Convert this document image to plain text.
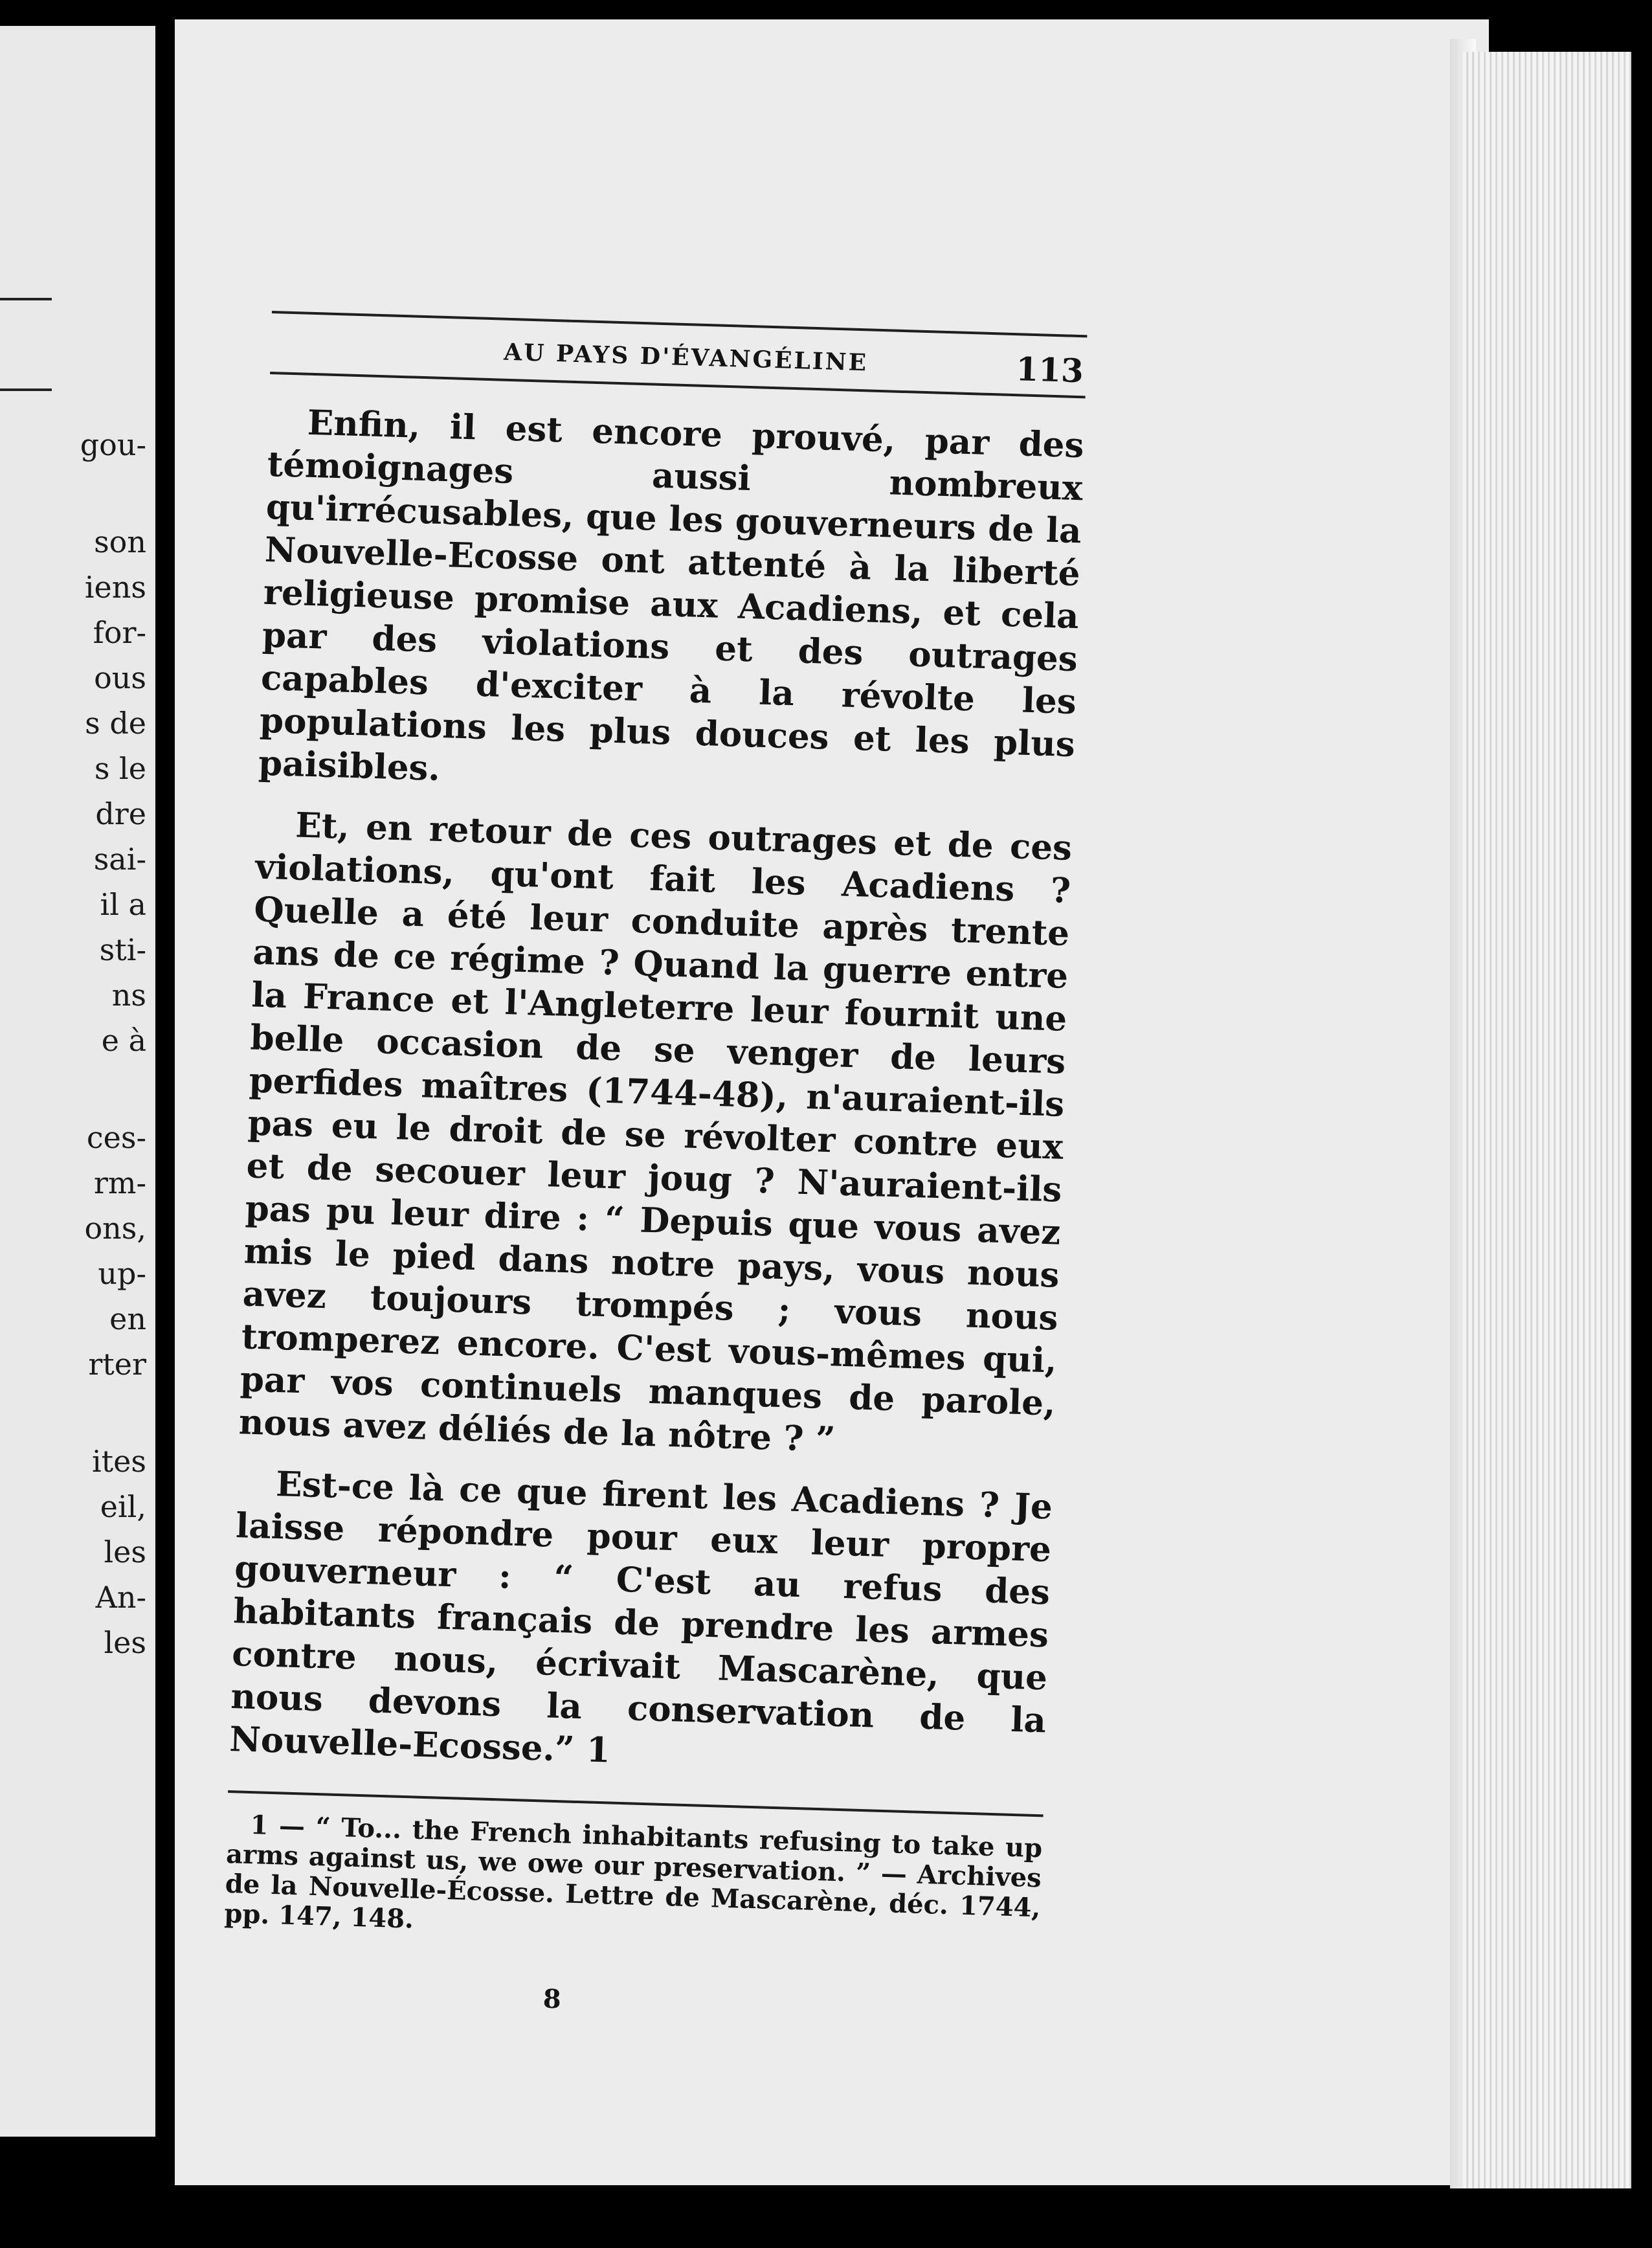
gou-
son
iens
for-
ous
s de
s le
dre
sai-
il a
sti-
ns
e à
ces-
rm-
ons,
up-
en
rter
ites
eil,
les
An-
les
AU PAYS D'ÉVANGÉLINE	113

Enfin, il est encore prouvé, par des témoignages aussi nombreux qu'irrécusables, que les gouverneurs de la Nouvelle-Ecosse ont attenté à la liberté religieuse promise aux Acadiens, et cela par des violations et des outrages capables d'exciter à la révolte les populations les plus douces et les plus paisibles.

Et, en retour de ces outrages et de ces violations, qu'ont fait les Acadiens ? Quelle a été leur conduite après trente ans de ce régime ? Quand la guerre entre la France et l'Angleterre leur fournit une belle occasion de se venger de leurs perfides maîtres (1744-48), n'auraient-ils pas eu le droit de se révolter contre eux et de secouer leur joug ? N'auraient-ils pas pu leur dire : “ Depuis que vous avez mis le pied dans notre pays, vous nous avez toujours trompés ; vous nous tromperez encore. C'est vous-mêmes qui, par vos continuels manques de parole, nous avez déliés de la nôtre ? ”

Est-ce là ce que firent les Acadiens ? Je laisse répondre pour eux leur propre gouverneur : “ C'est au refus des habitants français de prendre les armes contre nous, écrivait Mascarène, que nous devons la conservation de la Nouvelle-Ecosse.” 1

1 — “ To... the French inhabitants refusing to take up arms against us, we owe our preservation. ” — Archives de la Nouvelle-Écosse. Lettre de Mascarène, déc. 1744, pp. 147, 148.

8
